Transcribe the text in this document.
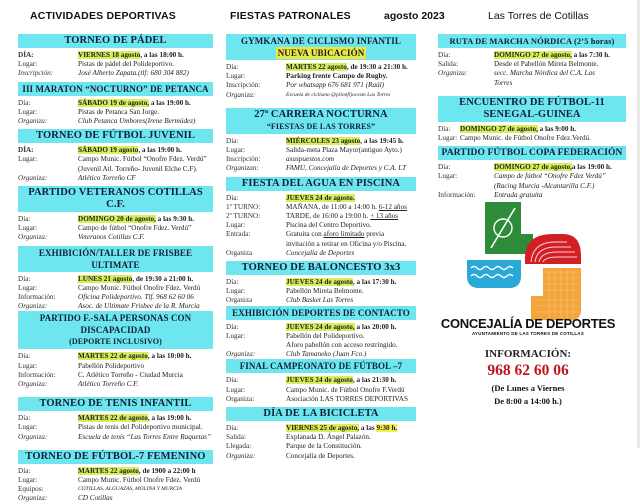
ACTIVIDADES DEPORTIVAS	FIESTAS PATRONALES	agosto 2023	Las Torres de Cotillas
TORNEO DE PÁDEL
DÍA:	VIERNES 18 agosto, a las 18:00 h.
Lugar:	Pistas de pádel del Polideportivo.
Inscripción:	José Alberto Zapata.(tlf: 680 304 882)
III MARATON “NOCTURNO” DE PETANCA
Día:	SÁBADO 19 de agosto, a las 19:00 h.
Lugar:	Pistas de Petanca San Jorge.
Organiza:	Club Petanca Umbores(Irene Bermúdez)
TORNEO DE FÚTBOL JUVENIL
DÍA:	SÁBADO 19 agosto, a las 19:00 h.
Lugar:	Campo Munic. Fútbol “Onofre Fdez. Verdú”
(Juvenil Atl. Torreño- Juvenil Elche C.F).
Organiza:	Atlético Torreño CF
PARTIDO VETERANOS COTILLAS C.F.
Día:	DOMINGO 20 de agosto, a las 9:30 h.
Lugar:	Campo de fútbol “Onofre Fdez. Verdú”
Organiza:	Veteranos Cotillas C.F.
EXHIBICIÓN/TALLER DE FRISBEE ULTIMATE
Día:	LUNES 21 agosto, de 19:30 a 21:00 h.
Lugar:	Campo Munic. Fútbol Onofre Fdez. Verdú
Información:	Oficina Polideportivo. Tlf. 968 62 60 06
Organiza:	Asoc. de Ultimate Frisbee de la R. Murcia
PARTIDO F.-SALA PERSONAS CON DISCAPACIDAD
(DEPORTE INCLUSIVO)
Día:	MARTES 22 de agosto, a las 10:00 h.
Lugar:	Pabellón Polideportivo
Información:	C. Atlético Torreño - Ciudad Murcia
Organiza:	Atlético Torreño C.F.
TORNEO DE TENIS INFANTIL
Día:	MARTES 22 de agosto, a las 19:00 h.
Lugar:	Pistas de tenis del Polideportivo municipal.
Organiza:	Escuela de tenis “Las Torres Entre Raquetas”
TORNEO DE FÚTBOL-7 FEMENINO
Día:	MARTES 22 agosto, de 1900 a 22:00 h
Lugar:	Campo Munic. Fútbol Onofre Fdez. Verdú
Equipos:	COTILLAS, ALGUAZAS, MOLINA Y MURCIA
Organiza:	CD Cotillas
GYMKANA DE CICLISMO INFANTIL
NUEVA UBICACIÓN
Día:	MARTES 22 agosto, de 19:30 a 21:30 h.
Lugar:	Parking frente Campo de Rugby.
Inscripción:	Por whatsapp 676 681 971 (Raúl)
Organiza:	Escuela de ciclismo @pilonfijocesm Las Torres
27ª CARRERA NOCTURNA
“FIESTAS DE LAS TORRES”
Día:	MIÉRCOLES 23 agosto, a las 19:45 h.
Lugar:	Salida-meta Plaza Mayor(antiguo Ayto.)
Inscripción:	asuspuestos.com
Organizan:	FAMU, Concejalía de Deportes y C.A. LT
FIESTA DEL AGUA EN PISCINA
Día:	JUEVES 24 de agosto.
1º TURNO:	MAÑANA, de 11:00 a 14:00 h. 6-12 años
2º TURNO:	TARDE, de 16:00 a 19:00 h. + 13 años
Lugar:	Piscina del Centro Deportivo.
Entrada:	Gratuita con aforo limitado previa
invitación a retirar en Oficina y/o Piscina.
Organiza	Concejalía de Deportes
TORNEO DE BALONCESTO 3x3
Día:	JUEVES 24 de agosto, a las 17:30 h.
Lugar:	Pabellón Mireia Belmonte.
Organiza	Club Basket Las Torres
EXHIBICIÓN DEPORTES DE CONTACTO
Día:	JUEVES 24 de agosto, a las 20:00 h.
Lugar:	Pabellón del Polideportivo.
Aforo pabellón con acceso restringido.
Organiza:	Club Tamaneko (Juan Fco.)
FINAL CAMPEONATO DE FÚTBOL –7
Día:	JUEVES 24 de agosto, a las 21:30 h.
Lugar:	Campo Munic. de Fútbol Onofre F.Verdú
Organiza:	Asociación LAS TORRES DEPORTIVAS
DÍA DE LA BICICLETA
Día:	VIERNES 25 de agosto, a las 9:30 h.
Salida:	Explanada D. Ángel Palazón.
Llegada:	Parque de la Constitución.
Organiza:	Concejalía de Deportes.
RUTA DE MARCHA NÓRDICA (2’5 horas)
Día:	DOMINGO 27 de agosto, a las 7:30 h.
Salida:	Desde el Pabellón Mireia Belmonte.
Organiza:	secc. Marcha Nórdica del C.A. Las
Torres
ENCUENTRO DE FÚTBOL-11
SENEGAL-GUINEA
Día:	DOMINGO 27 de agosto, a las 9:00 h.
Lugar: Campo Munic. de Fútbol Onofre Fdez.Verdú.
PARTIDO FÚTBOL COPA FEDERACIÓN
Día:	DOMINGO 27 de agosto,a las 19:00 h.
Lugar:	Campo de fútbol “Onofre Fdez Verdú”
(Racing Murcia -Alcantarilla C.F.)
Información:	Entrada gratuita
CONCEJALÍA DE DEPORTES
AYUNTAMIENTO DE LAS TORRES DE COTILLAS
INFORMACIÓN:
968 62 60 06
(De Lunes a Viernes
De 8:00 a 14:00 h.)
